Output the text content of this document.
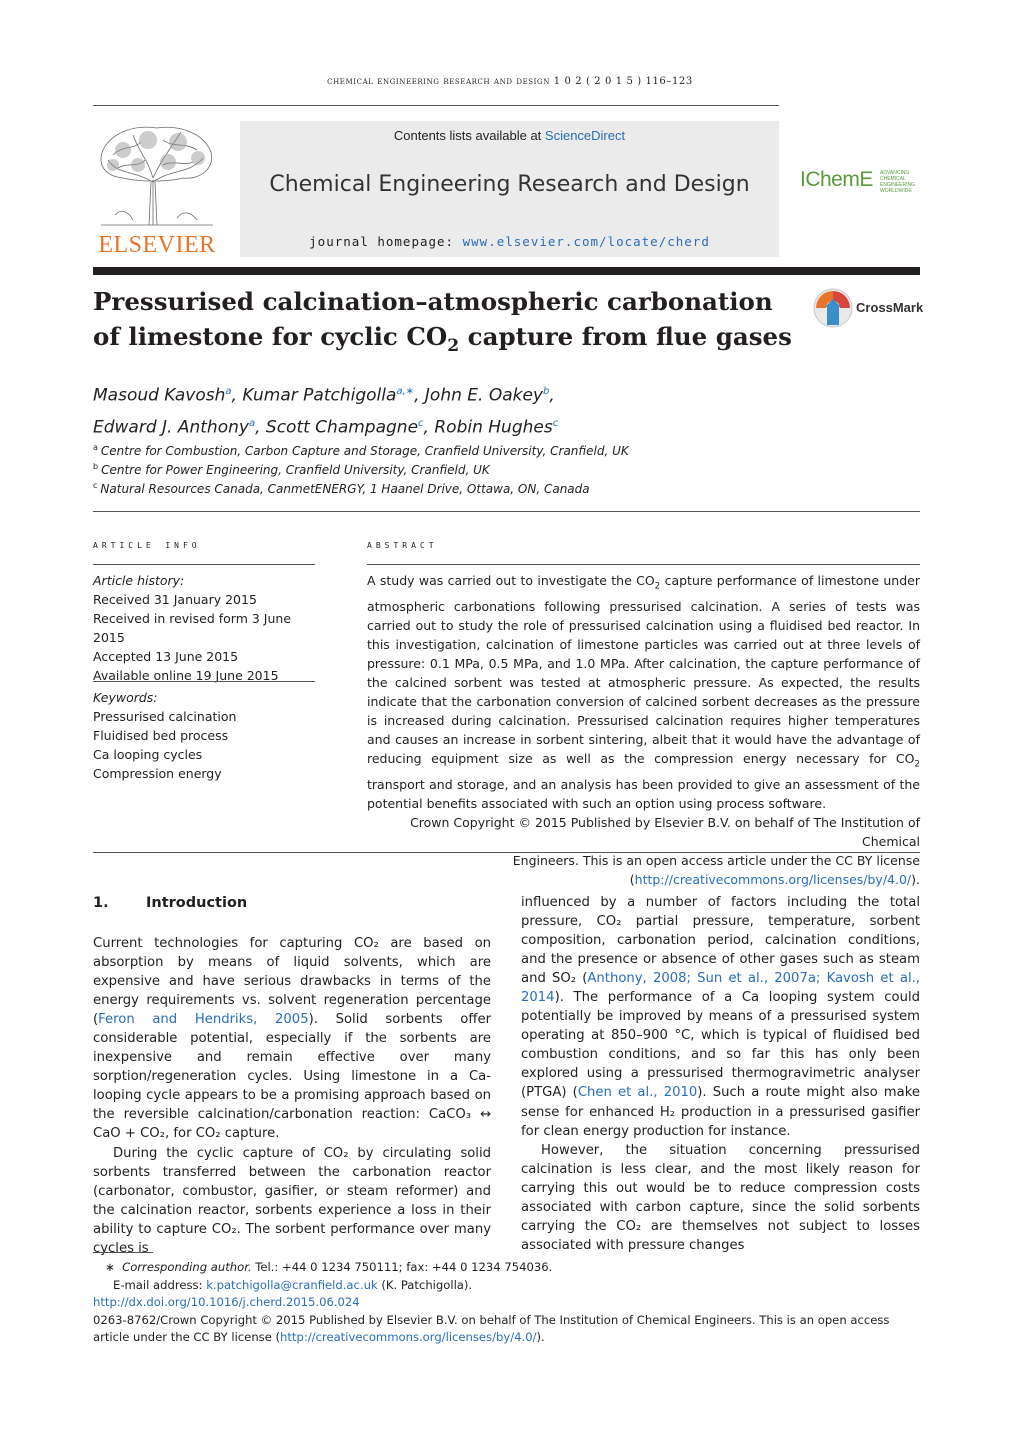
chemical engineering research and design 1 0 2 ( 2 0 1 5 ) 116–123
ELSEVIER
Contents lists available at ScienceDirect
Chemical Engineering Research and Design
journal homepage: www.elsevier.com/locate/cherd
IChemE ADVANCING CHEMICAL ENGINEERING WORLDWIDE
Pressurised calcination–atmospheric carbonation
of limestone for cyclic $CO_2$ capture from flue gases
CrossMark
Masoud Kavosh$^a$, Kumar Patchigolla$^{a,∗}$, John E. Oakey$^b$,
Edward J. Anthony$^a$, Scott Champagne$^c$, Robin Hughes$^c$
$^a$ Centre for Combustion, Carbon Capture and Storage, Cranfield University, Cranfield, UK
$^b$ Centre for Power Engineering, Cranfield University, Cranfield, UK
$^c$ Natural Resources Canada, CanmetENERGY, 1 Haanel Drive, Ottawa, ON, Canada
article info
Article history:
Received 31 January 2015
Received in revised form 3 June 2015
Accepted 13 June 2015
Available online 19 June 2015
Keywords:
Pressurised calcination
Fluidised bed process
Ca looping cycles
Compression energy
abstract
A study was carried out to investigate the $CO_2$ capture performance of limestone under atmospheric carbonations following pressurised calcination. A series of tests was carried out to study the role of pressurised calcination using a fluidised bed reactor. In this investigation, calcination of limestone particles was carried out at three levels of pressure: 0.1 MPa, 0.5 MPa, and 1.0 MPa. After calcination, the capture performance of the calcined sorbent was tested at atmospheric pressure. As expected, the results indicate that the carbonation conversion of calcined sorbent decreases as the pressure is increased during calcination. Pressurised calcination requires higher temperatures and causes an increase in sorbent sintering, albeit that it would have the advantage of reducing equipment size as well as the compression energy necessary for $CO_2$ transport and storage, and an analysis has been provided to give an assessment of the potential benefits associated with such an option using process software.
Crown Copyright © 2015 Published by Elsevier B.V. on behalf of The Institution of Chemical
Engineers. This is an open access article under the CC BY license
(http://creativecommons.org/licenses/by/4.0/).
1.	Introduction
Current technologies for capturing CO₂ are based on absorption by means of liquid solvents, which are expensive and have serious drawbacks in terms of the energy requirements vs. solvent regeneration percentage (Feron and Hendriks, 2005). Solid sorbents offer considerable potential, especially if the sorbents are inexpensive and remain effective over many sorption/regeneration cycles. Using limestone in a Ca-looping cycle appears to be a promising approach based on the reversible calcination/carbonation reaction: CaCO₃ ↔ CaO + CO₂, for CO₂ capture.
During the cyclic capture of CO₂ by circulating solid sorbents transferred between the carbonation reactor (carbonator, combustor, gasifier, or steam reformer) and the calcination reactor, sorbents experience a loss in their ability to capture CO₂. The sorbent performance over many cycles is
influenced by a number of factors including the total pressure, CO₂ partial pressure, temperature, sorbent composition, carbonation period, calcination conditions, and the presence or absence of other gases such as steam and SO₂ (Anthony, 2008; Sun et al., 2007a; Kavosh et al., 2014). The performance of a Ca looping system could potentially be improved by means of a pressurised system operating at 850–900 °C, which is typical of fluidised bed combustion conditions, and so far this has only been explored using a pressurised thermogravimetric analyser (PTGA) (Chen et al., 2010). Such a route might also make sense for enhanced H₂ production in a pressurised gasifier for clean energy production for instance.
However, the situation concerning pressurised calcination is less clear, and the most likely reason for carrying this out would be to reduce compression costs associated with carbon capture, since the solid sorbents carrying the CO₂ are themselves not subject to losses associated with pressure changes
∗ Corresponding author. Tel.: +44 0 1234 750111; fax: +44 0 1234 754036.
E-mail address: k.patchigolla@cranfield.ac.uk (K. Patchigolla).
http://dx.doi.org/10.1016/j.cherd.2015.06.024
0263-8762/Crown Copyright © 2015 Published by Elsevier B.V. on behalf of The Institution of Chemical Engineers. This is an open access
article under the CC BY license (http://creativecommons.org/licenses/by/4.0/).
